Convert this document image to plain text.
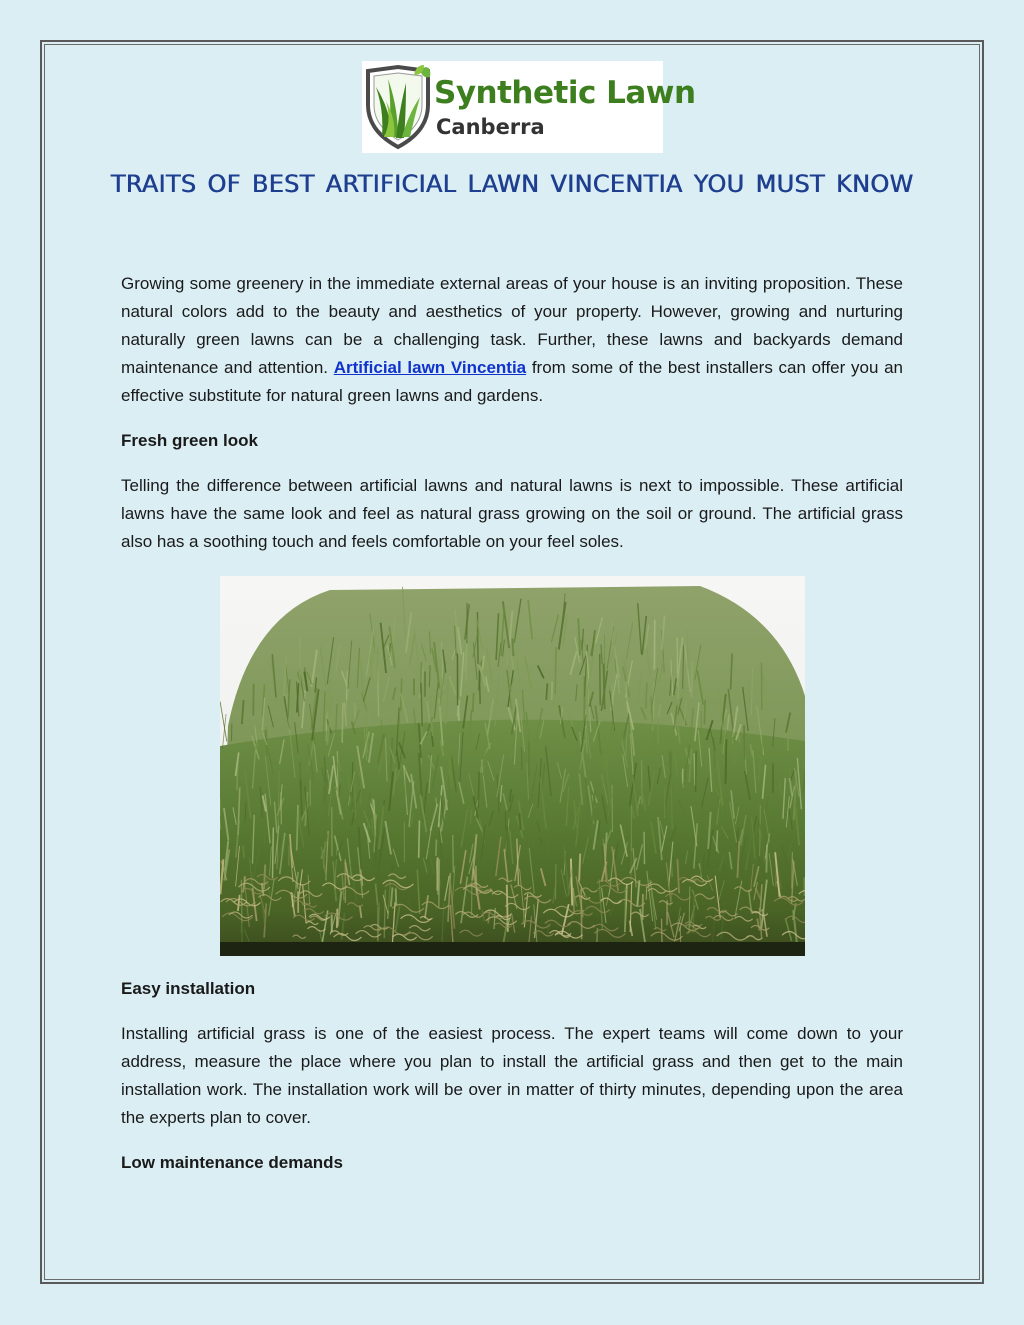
Synthetic Lawn
Canberra
traits of best artificial lawn vincentia you must know

Growing some greenery in the immediate external areas of your house is an inviting proposition. These natural colors add to the beauty and aesthetics of your property. However, growing and nurturing naturally green lawns can be a challenging task. Further, these lawns and backyards demand maintenance and attention. Artificial lawn Vincentia from some of the best installers can offer you an effective substitute for natural green lawns and gardens.

Fresh green look

Telling the difference between artificial lawns and natural lawns is next to impossible. These artificial lawns have the same look and feel as natural grass growing on the soil or ground. The artificial grass also has a soothing touch and feels comfortable on your feel soles.

Easy installation

Installing artificial grass is one of the easiest process. The expert teams will come down to your address, measure the place where you plan to install the artificial grass and then get to the main installation work. The installation work will be over in matter of thirty minutes, depending upon the area the experts plan to cover.

Low maintenance demands
